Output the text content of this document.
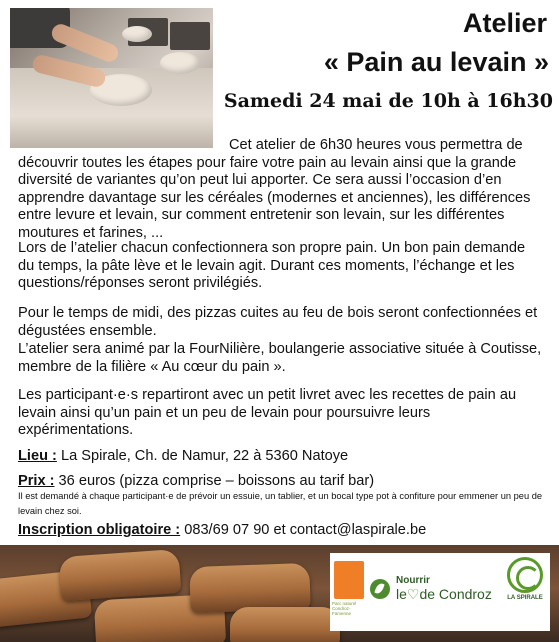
Atelier
« Pain au levain »

Samedi 24 mai de 10h à 16h30

Cet atelier de 6h30 heures vous permettra de découvrir toutes les étapes pour faire votre pain au levain ainsi que la grande diversité de variantes qu’on peut lui apporter. Ce sera aussi l’occasion d’en apprendre davantage sur les céréales (modernes et anciennes), les différences entre levure et levain, sur comment entretenir son levain, sur les différentes moutures et farines, ...

Lors de l’atelier chacun confectionnera son propre pain. Un bon pain demande du temps, la pâte lève et le levain agit. Durant ces moments, l’échange et les questions/réponses seront privilégiés.

Pour le temps de midi, des pizzas cuites au feu de bois seront confectionnées et dégustées ensemble.

L’atelier sera animé par la FourNilière, boulangerie associative située à Coutisse, membre de la filière « Au cœur du pain ».

Les participant·e·s repartiront avec un petit livret avec les recettes de pain au levain ainsi qu’un pain et un peu de levain pour poursuivre leurs expérimentations.

Lieu : La Spirale, Ch. de Namur, 22 à 5360 Natoye

Prix : 36 euros (pizza comprise – boissons au tarif bar)

Il est demandé à chaque participant·e de prévoir un essuie, un tablier, et un bocal type pot à confiture pour emmener un peu de levain chez soi.

Inscription obligatoire : 083/69 07 90 et contact@laspirale.be

Parc naturel Condroz-Famenne
Nourrir
le♡de Condroz	LA SPIRALE
